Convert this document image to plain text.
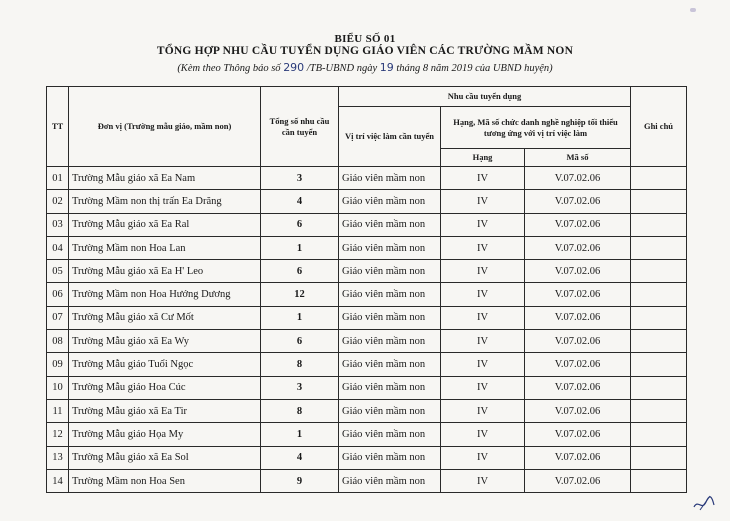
BIỂU SỐ 01
TỔNG HỢP NHU CẦU TUYỂN DỤNG GIÁO VIÊN CÁC TRƯỜNG MẦM NON
(Kèm theo Thông báo số 290 /TB-UBND ngày 19 tháng 8 năm 2019 của UBND huyện)
TT	Đơn vị (Trường mẫu giáo, mầm non)	Tổng số nhu cầu cần tuyển	Nhu cầu tuyển dụng			Ghi chú
			Vị trí việc làm cần tuyển	Hạng, Mã số chức danh nghề nghiệp tối thiểu tương ứng với vị trí việc làm		
				Hạng	Mã số	
01	Trường Mẫu giáo xã Ea Nam	3	Giáo viên mầm non	IV	V.07.02.06	
02	Trường Mầm non thị trấn Ea Drăng	4	Giáo viên mầm non	IV	V.07.02.06	
03	Trường Mẫu giáo xã Ea Ral	6	Giáo viên mầm non	IV	V.07.02.06	
04	Trường Mầm non Hoa Lan	1	Giáo viên mầm non	IV	V.07.02.06	
05	Trường Mẫu giáo xã Ea H' Leo	6	Giáo viên mầm non	IV	V.07.02.06	
06	Trường Mầm non Hoa Hướng Dương	12	Giáo viên mầm non	IV	V.07.02.06	
07	Trường Mẫu giáo xã Cư Mốt	1	Giáo viên mầm non	IV	V.07.02.06	
08	Trường Mẫu giáo xã Ea Wy	6	Giáo viên mầm non	IV	V.07.02.06	
09	Trường Mẫu giáo Tuổi Ngọc	8	Giáo viên mầm non	IV	V.07.02.06	
10	Trường Mẫu giáo Hoa Cúc	3	Giáo viên mầm non	IV	V.07.02.06	
11	Trường Mẫu giáo xã Ea Tir	8	Giáo viên mầm non	IV	V.07.02.06	
12	Trường Mẫu giáo Họa My	1	Giáo viên mầm non	IV	V.07.02.06	
13	Trường Mẫu giáo xã Ea Sol	4	Giáo viên mầm non	IV	V.07.02.06	
14	Trường Mầm non Hoa Sen	9	Giáo viên mầm non	IV	V.07.02.06	
